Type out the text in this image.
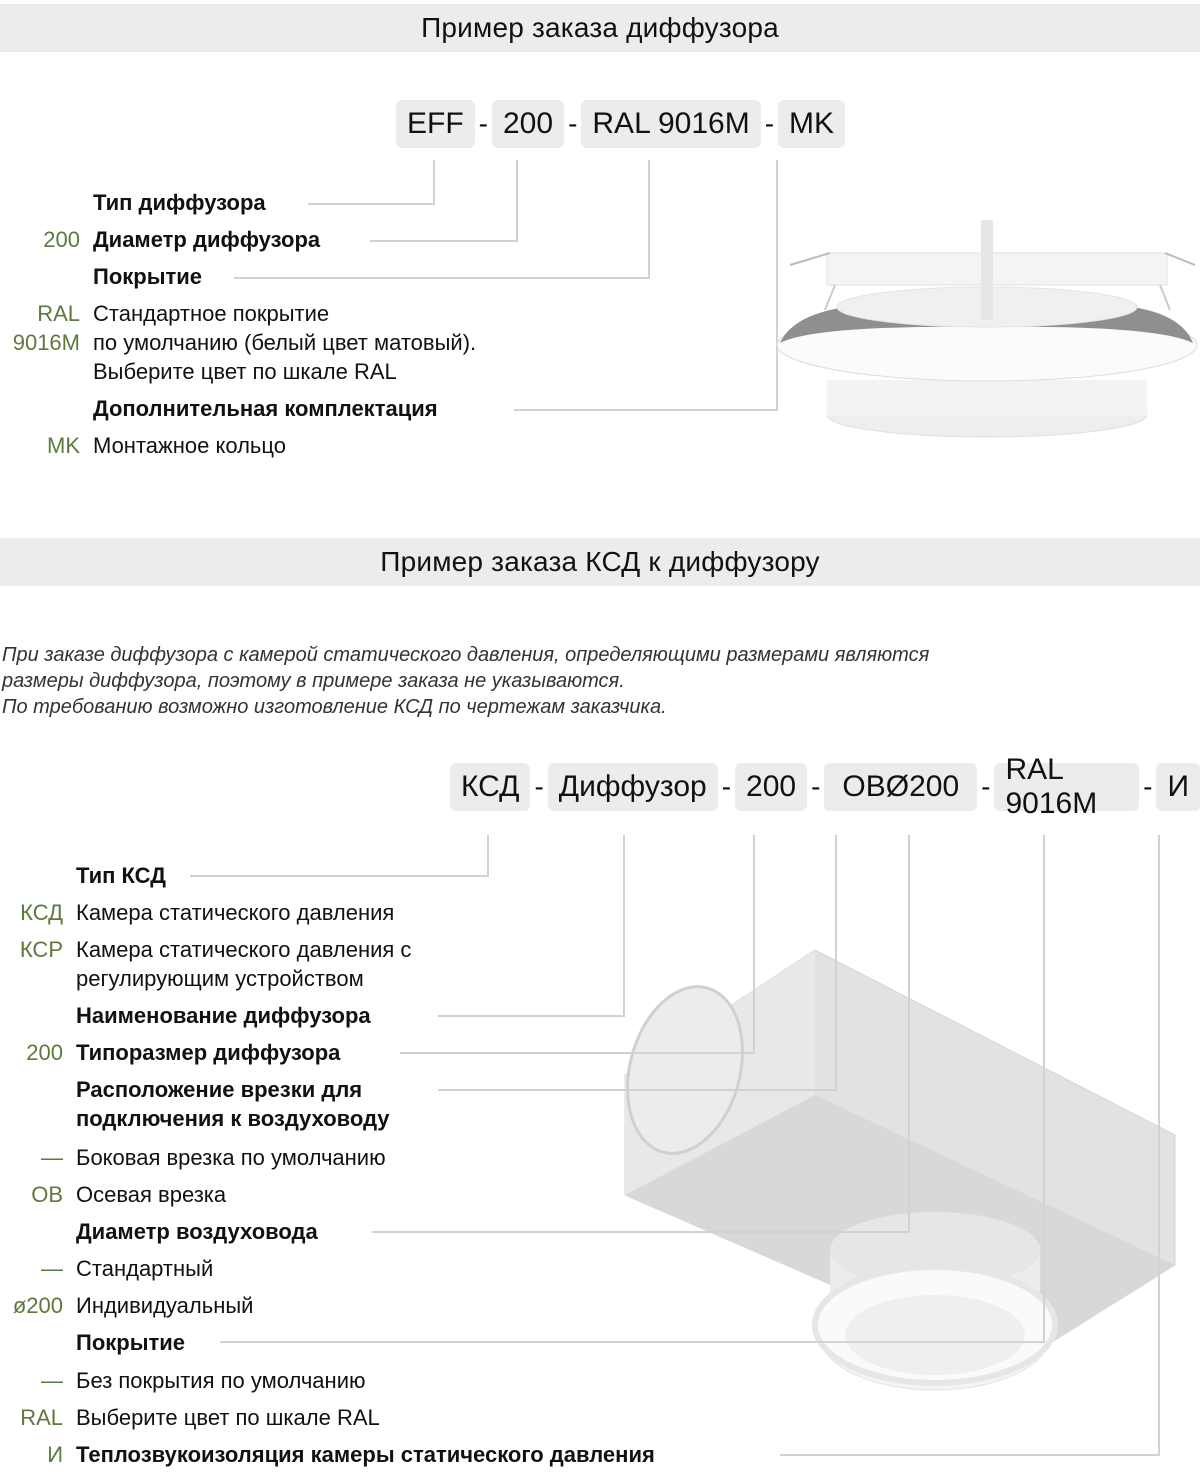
Пример заказа диффузора
EFF - 200 - RAL 9016M - MK
Тип диффузора
200 Диаметр диффузора
Покрытие
RAL
9016M
Стандартное покрытие
по умолчанию (белый цвет матовый).
Выберите цвет по шкале RAL
Дополнительная комплектация
MK Монтажное кольцо
Пример заказа КСД к диффузору
При заказе диффузора с камерой статического давления, определяющими размерами являются
размеры диффузора, поэтому в примере заказа не указываются.
По требованию возможно изготовление КСД по чертежам заказчика.
КСД - Диффузор - 200 - ОВØ200 -
RAL 9016M
- И
Тип КСД
КСД Камера статического давления
КСР Камера статического давления с
регулирующим устройством
Наименование диффузора
200 Типоразмер диффузора
Расположение врезки для
подключения к воздуховоду
— Боковая врезка по умолчанию
ОВ Осевая врезка
Диаметр воздуховода
— Стандартный
ø200 Индивидуальный
Покрытие
— Без покрытия по умолчанию
RAL Выберите цвет по шкале RAL
И Теплозвукоизоляция камеры статического давления
